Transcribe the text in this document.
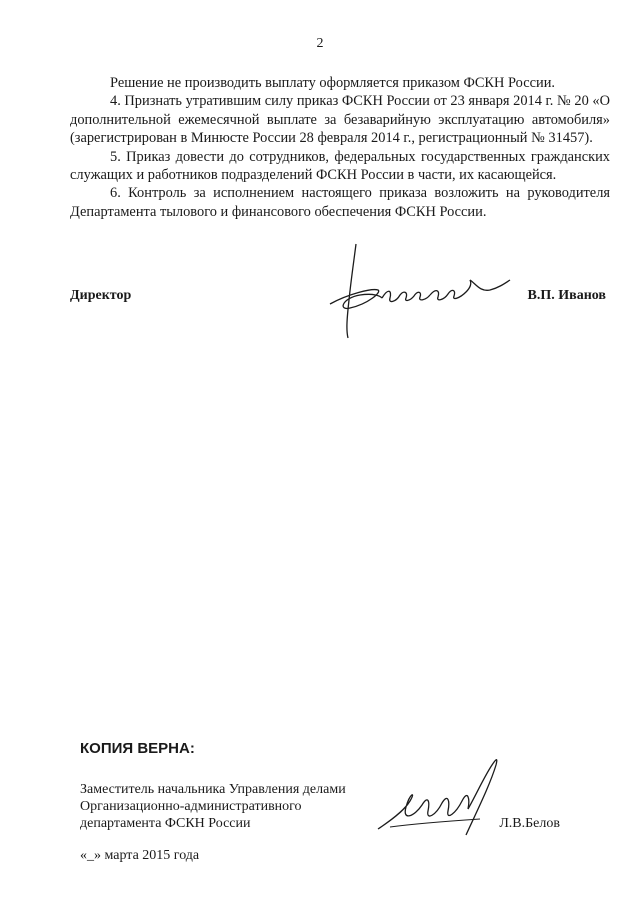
2

Решение не производить выплату оформляется приказом ФСКН России.

4. Признать утратившим силу приказ ФСКН России от 23 января 2014 г. № 20 «О дополнительной ежемесячной выплате за безаварийную эксплуатацию автомобиля» (зарегистрирован в Минюсте России 28 февраля 2014 г., регистрационный № 31457).

5. Приказ довести до сотрудников, федеральных государственных гражданских служащих и работников подразделений ФСКН России в части, их касающейся.

6. Контроль за исполнением настоящего приказа возложить на руководителя Департамента тылового и финансового обеспечения ФСКН России.

Директор	В.П. Иванов
КОПИЯ ВЕРНА:
Заместитель начальника Управления делами
Организационно-административного
департамента ФСКН России	Л.В.Белов
«_» марта 2015 года
